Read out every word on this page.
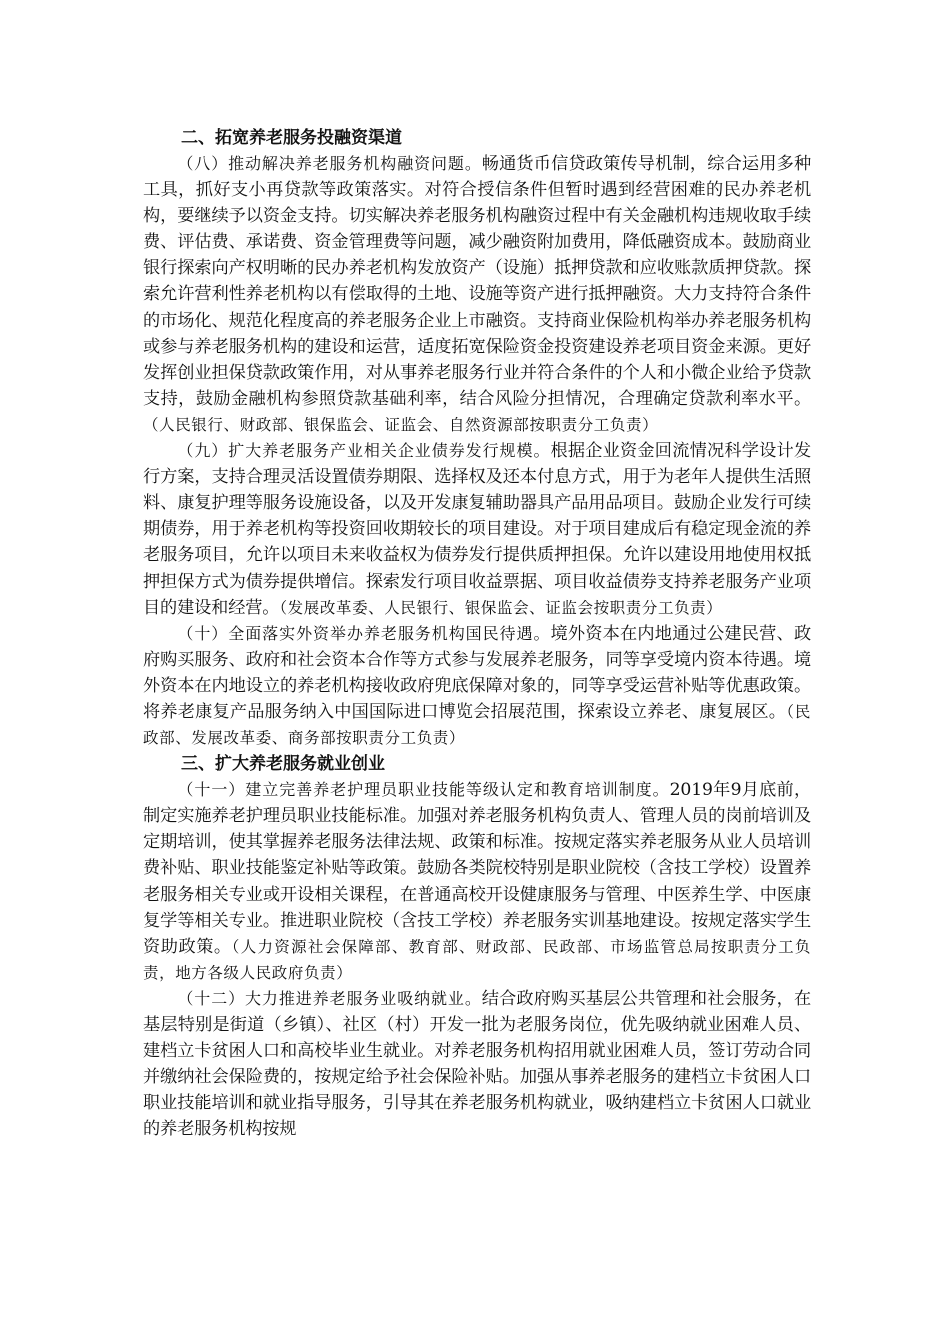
二、拓宽养老服务投融资渠道

（八）推动解决养老服务机构融资问题。畅通货币信贷政策传导机制，综合运用多种工具，抓好支小再贷款等政策落实。对符合授信条件但暂时遇到经营困难的民办养老机构，要继续予以资金支持。切实解决养老服务机构融资过程中有关金融机构违规收取手续费、评估费、承诺费、资金管理费等问题，减少融资附加费用，降低融资成本。鼓励商业银行探索向产权明晰的民办养老机构发放资产（设施）抵押贷款和应收账款质押贷款。探索允许营利性养老机构以有偿取得的土地、设施等资产进行抵押融资。大力支持符合条件的市场化、规范化程度高的养老服务企业上市融资。支持商业保险机构举办养老服务机构或参与养老服务机构的建设和运营，适度拓宽保险资金投资建设养老项目资金来源。更好发挥创业担保贷款政策作用，对从事养老服务行业并符合条件的个人和小微企业给予贷款支持，鼓励金融机构参照贷款基础利率，结合风险分担情况，合理确定贷款利率水平。（人民银行、财政部、银保监会、证监会、自然资源部按职责分工负责）

（九）扩大养老服务产业相关企业债券发行规模。根据企业资金回流情况科学设计发行方案，支持合理灵活设置债券期限、选择权及还本付息方式，用于为老年人提供生活照料、康复护理等服务设施设备，以及开发康复辅助器具产品用品项目。鼓励企业发行可续期债券，用于养老机构等投资回收期较长的项目建设。对于项目建成后有稳定现金流的养老服务项目，允许以项目未来收益权为债券发行提供质押担保。允许以建设用地使用权抵押担保方式为债券提供增信。探索发行项目收益票据、项目收益债券支持养老服务产业项目的建设和经营。（发展改革委、人民银行、银保监会、证监会按职责分工负责）

（十）全面落实外资举办养老服务机构国民待遇。境外资本在内地通过公建民营、政府购买服务、政府和社会资本合作等方式参与发展养老服务，同等享受境内资本待遇。境外资本在内地设立的养老机构接收政府兜底保障对象的，同等享受运营补贴等优惠政策。将养老康复产品服务纳入中国国际进口博览会招展范围，探索设立养老、康复展区。（民政部、发展改革委、商务部按职责分工负责）

三、扩大养老服务就业创业

（十一）建立完善养老护理员职业技能等级认定和教育培训制度。2019年9月底前，制定实施养老护理员职业技能标准。加强对养老服务机构负责人、管理人员的岗前培训及定期培训，使其掌握养老服务法律法规、政策和标准。按规定落实养老服务从业人员培训费补贴、职业技能鉴定补贴等政策。鼓励各类院校特别是职业院校（含技工学校）设置养老服务相关专业或开设相关课程，在普通高校开设健康服务与管理、中医养生学、中医康复学等相关专业。推进职业院校（含技工学校）养老服务实训基地建设。按规定落实学生资助政策。（人力资源社会保障部、教育部、财政部、民政部、市场监管总局按职责分工负责，地方各级人民政府负责）

（十二）大力推进养老服务业吸纳就业。结合政府购买基层公共管理和社会服务，在基层特别是街道（乡镇）、社区（村）开发一批为老服务岗位，优先吸纳就业困难人员、建档立卡贫困人口和高校毕业生就业。对养老服务机构招用就业困难人员，签订劳动合同并缴纳社会保险费的，按规定给予社会保险补贴。加强从事养老服务的建档立卡贫困人口职业技能培训和就业指导服务，引导其在养老服务机构就业，吸纳建档立卡贫困人口就业的养老服务机构按规
